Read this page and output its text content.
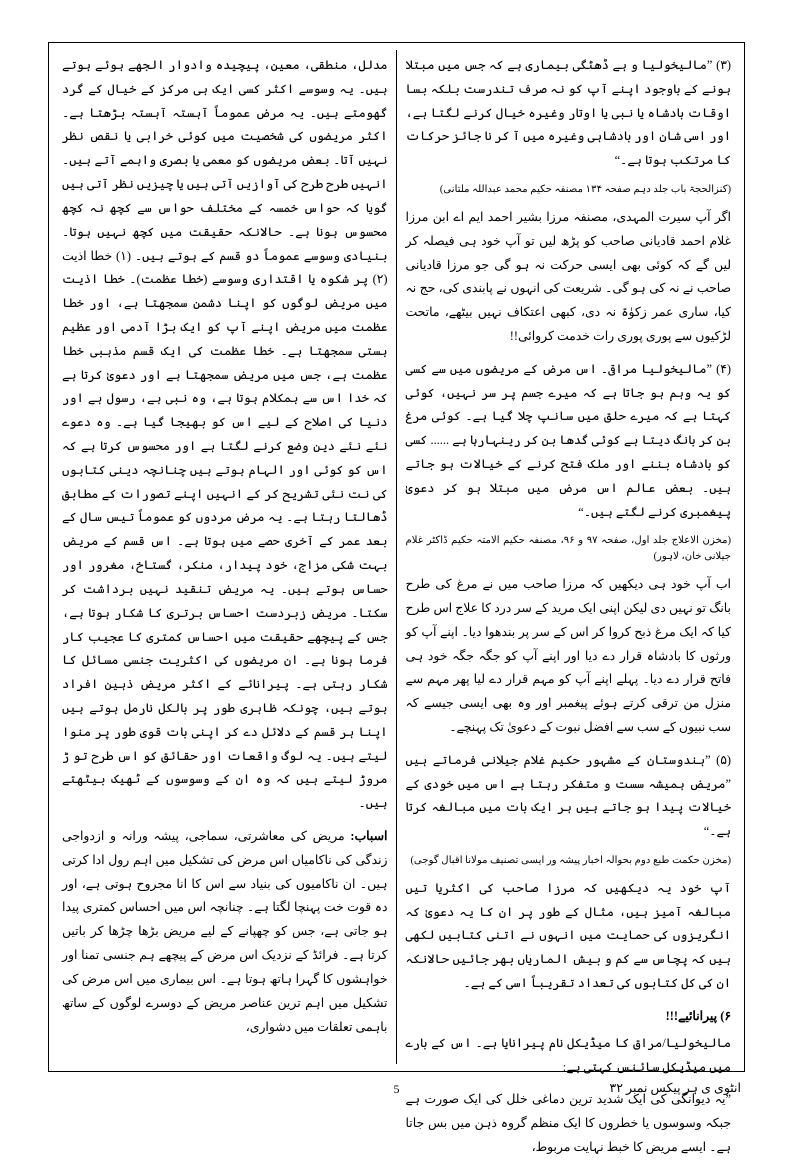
(۳) ”مالیخولیا و ہے ڈھٹگی بیماری ہے کہ جس میں مبتلا ہونے کے باوجود اپنے آپ کو نہ صرف تندرست بلکہ بسا اوقات بادشاہ یا نبی یا اوتار وغیرہ خیال کرنے لگتا ہے، اور اسی شان اور بادشاہی وغیرہ میں آ کر نا جائز حرکات کا مرتکب ہوتا ہے۔“

(کنزالحجۃ باب جلد دہم صفحہ ۱۳۴ مصنفہ حکیم محمد عبداللہ ملتانی)

اگر آپ سیرت المہدی، مصنفہ مرزا بشیر احمد ایم اے ابن مرزا غلام احمد قادیانی صاحب کو پڑھ لیں تو آپ خود ہی فیصلہ کر لیں گے کہ کوئی بھی ایسی حرکت نہ ہو گی جو مرزا قادیانی صاحب نے نہ کی ہو گی۔ شریعت کی انہوں نے پابندی کی، حج نہ کیا، ساری عمر زکوٰۃ نہ دی، کبھی اعتکاف نہیں بیٹھے، ماتحت لڑکیوں سے پوری پوری رات خدمت کروائی!!

(۴) ”مالیخولیا مراقی۔ اس مرض کے مریضوں میں سے کسی کو یہ وہم ہو جاتا ہے کہ میرے جسم پر سر نہیں، کوئی کہتا ہے کہ میرے حلق میں سانپ چلا گیا ہے۔ کوئی مرغ بن کر بانگ دیتا ہے کوئی گدھا بن کر رینہارہا ہے ...... کسی کو بادشاہ بننے اور ملک فتح کرنے کے خیالات ہو جاتے ہیں۔ بعض عالم اس مرض میں مبتلا ہو کر دعویٰ پیغمبری کرنے لگتے ہیں۔“

(مخزن الاعلاج جلد اول، صفحہ ۹۷ و ۹۶، مصنفہ حکیم الامتہ حکیم ڈاکٹر غلام جیلانی خان، لاہور)

اب آپ خود ہی دیکھیں کہ مرزا صاحب میں نے مرغ کی طرح بانگ تو نہیں دی لیکن اپنی ایک مرید کے سر درد کا علاج اس طرح کیا کہ ایک مرغ ذبح کروا کر اس کے سر پر بندھوا دیا۔ اپنے آپ کو ورثوں کا بادشاہ قرار دے دیا اور اپنے آپ کو جگہ جگہ خود ہی فاتح قرار دے دیا۔ پہلے اپنے آپ کو مہم قرار دے لیا پھر مہم سے منزل من ترقی کرتے ہوئے پیغمبر اور وہ بھی ایسی جیسے کہ سب نبیوں کے سب سے افضل نبوت کے دعویٰ تک پہنچے۔

(۵) ”ہندوستان کے مشہور حکیم غلام جیلانی فرماتے ہیں ”مریض ہمیشہ سست و متفکر رہتا ہے اس میں خودی کے خیالات پیدا ہو جاتے ہیں ہر ایک بات میں مبالغہ کرتا ہے۔“

(مخزن حکمت طبع دوم بحوالہ اخبار پیشہ ور ایسی تصنیف مولانا اقبال گوجی)

آپ خود یہ دیکھیں کہ مرزا صاحب کی اکثریا تیں مبالغہ آمیز ہیں، مثال کے طور پر ان کا یہ دعویٰ کہ انگریزوں کی حمایت میں انہوں نے اتنی کتابیں لکھی ہیں کہ پچاس سے کم و بیش الماریاں بھر جائیں حالانکہ ان کی کل کتابوں کی تعداد تقریباً اسی کے ہے۔

۶) پیرانائیے!!!

مالیخولیا/مراق کا میڈیکل نام پیرانایا ہے۔ اس کے بارے میں میڈیکل سائنس کہتی ہے:

”یہ دیوانگی کی ایک شدید ترین دماغی خلل کی ایک صورت ہے جبکہ وسوسوں یا خطروں کا ایک منظم گروہ ذہن میں بس جاتا ہے۔ ایسے مریض کا خبط نہایت مربوط،

مدلل، منطقی، معین، پیچیدہ وادوار الجھے ہوئے ہوتے ہیں۔ یہ وسوسے اکثر کسی ایک ہی مرکز کے خیال کے گرد گھومتے ہیں۔ یہ مرض عموماً آہستہ آہستہ بڑھتا ہے۔ اکثر مریضوں کی شخصیت میں کوئی خرابی یا نقص نظر نہیں آتا۔ بعض مریضوں کو معمی یا بصری واہمے آتے ہیں۔ انہیں طرح طرح کی آوازیں آتی ہیں یا چیزیں نظر آتی ہیں گویا کہ حواس خمسہ کے مختلف حواس سے کچھ نہ کچھ محسوس ہونا ہے۔ حالانکہ حقیقت میں کچھ نہیں ہوتا۔ بنیادی وسوسے عموماً دو قسم کے ہوتے ہیں۔ (۱) خطا اذیت (۲) پر شکوہ یا اقتداری وسوسے (خطا عظمت)۔ خطا اذیت میں مریض لوگوں کو اپنا دشمن سمجھتا ہے، اور خطا عظمت میں مریض اپنے آپ کو ایک بڑا آدمی اور عظیم ہستی سمجھتا ہے۔ خطا عظمت کی ایک قسم مذہبی خطا عظمت ہے، جس میں مریض سمجھتا ہے اور دعویٰ کرتا ہے کہ خدا اس سے ہمکلام ہوتا ہے، وہ نبی ہے، رسول ہے اور دنیا کی اصلاح کے لیے اس کو بھیجا گیا ہے۔ وہ دعوے نئے نئے دین وضع کرنے لگتا ہے اور محسوس کرتا ہے کہ اس کو کوئی اور الہام ہوتے ہیں چنانچہ دینی کتابوں کی نت نئی تشریح کر کے انہیں اپنے تصورات کے مطابق ڈھالتا رہتا ہے۔ یہ مرض مردوں کو عموماً تیس سال کے بعد عمر کے آخری حصے میں ہوتا ہے۔ اس قسم کے مریض بہت شکی مزاج، خود پیدار، منکر، گستاخ، مغرور اور حساس ہوتے ہیں۔ یہ مریض تنقید نہیں برداشت کر سکتا۔ مریض زبردست احساس برتری کا شکار ہوتا ہے، جس کے پیچھے حقیقت میں احساس کمتری کا عجیب کار فرما ہونا ہے۔ ان مریضوں کی اکثریت جنسی مسائل کا شکار رہتی ہے۔ پیرانائے کے اکثر مریض ذہین افراد ہوتے ہیں، چونکہ ظاہری طور پر بالکل نارمل ہوتے ہیں اپنا ہر قسم کے دلائل دے کر اپنی بات قوی طور پر منوا لیتے ہیں۔ یہ لوگ واقعات اور حقائق کو اس طرح تو ڑ مروڑ لیتے ہیں کہ وہ ان کے وسوسوں کے ٹھیک بیٹھتے ہیں۔

اسباب: مریض کی معاشرتی، سماجی، پیشہ ورانہ و ازدواجی زندگی کی ناکامیاں اس مرض کی تشکیل میں اہم رول ادا کرتی ہیں۔ ان ناکامیوں کی بنیاد سے اس کا انا مجروح ہوتی ہے، اور دہ قوت خت پہنچا لگتا ہے۔ چنانچہ اس میں احساس کمتری پیدا ہو جاتی ہے، جس کو چھپانے کے لیے مریض بڑھا چڑھا کر باتیں کرتا ہے۔ فرائڈ کے نزدیک اس مرض کے پیچھے ہم جنسی تمنا اور خواہشوں کا گہرا ہاتھ ہوتا ہے۔ اس بیماری میں اس مرض کی تشکیل میں اہم ترین عناصر مریض کے دوسرے لوگوں کے ساتھ باہمی تعلقات میں دشواری،

5	انٹوی ی ہر پیکس نمبر ۳۲
